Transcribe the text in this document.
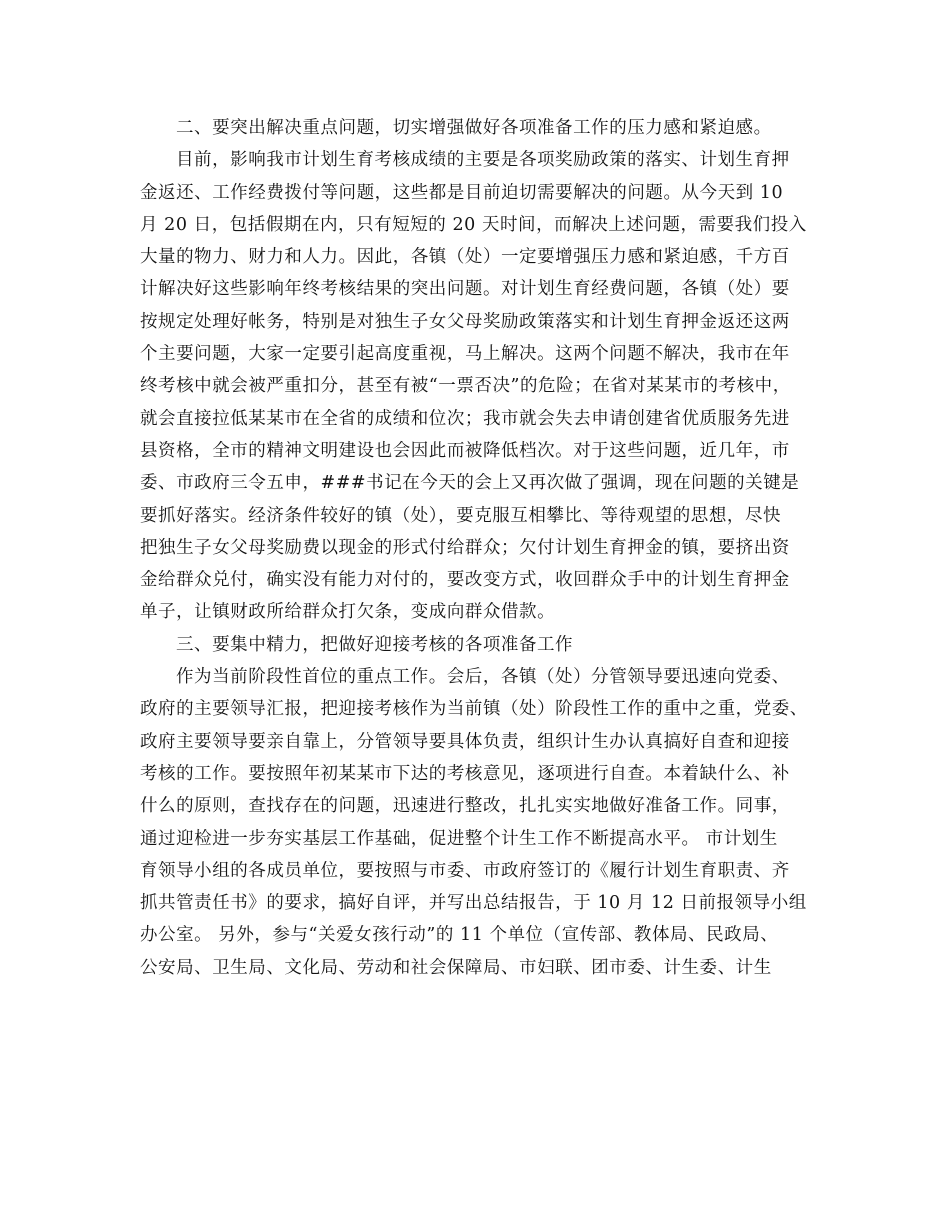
二、要突出解决重点问题，切实增强做好各项准备工作的压力感和紧迫感。
目前，影响我市计划生育考核成绩的主要是各项奖励政策的落实、计划生育押
金返还、工作经费拨付等问题，这些都是目前迫切需要解决的问题。从今天到 10
月 20 日，包括假期在内，只有短短的 20 天时间，而解决上述问题，需要我们投入
大量的物力、财力和人力。因此，各镇（处）一定要增强压力感和紧迫感，千方百
计解决好这些影响年终考核结果的突出问题。对计划生育经费问题，各镇（处）要
按规定处理好帐务，特别是对独生子女父母奖励政策落实和计划生育押金返还这两
个主要问题，大家一定要引起高度重视，马上解决。这两个问题不解决，我市在年
终考核中就会被严重扣分，甚至有被“一票否决”的危险；在省对某某市的考核中，
就会直接拉低某某市在全省的成绩和位次；我市就会失去申请创建省优质服务先进
县资格，全市的精神文明建设也会因此而被降低档次。对于这些问题，近几年，市
委、市政府三令五申，###书记在今天的会上又再次做了强调，现在问题的关键是
要抓好落实。经济条件较好的镇（处），要克服互相攀比、等待观望的思想，尽快
把独生子女父母奖励费以现金的形式付给群众；欠付计划生育押金的镇，要挤出资
金给群众兑付，确实没有能力对付的，要改变方式，收回群众手中的计划生育押金
单子，让镇财政所给群众打欠条，变成向群众借款。
三、要集中精力，把做好迎接考核的各项准备工作
作为当前阶段性首位的重点工作。会后，各镇（处）分管领导要迅速向党委、
政府的主要领导汇报，把迎接考核作为当前镇（处）阶段性工作的重中之重，党委、
政府主要领导要亲自靠上，分管领导要具体负责，组织计生办认真搞好自查和迎接
考核的工作。要按照年初某某市下达的考核意见，逐项进行自查。本着缺什么、补
什么的原则，查找存在的问题，迅速进行整改，扎扎实实地做好准备工作。同事，
通过迎检进一步夯实基层工作基础，促进整个计生工作不断提高水平。 市计划生
育领导小组的各成员单位，要按照与市委、市政府签订的《履行计划生育职责、齐
抓共管责任书》的要求，搞好自评，并写出总结报告，于 10 月 12 日前报领导小组
办公室。 另外，参与“关爱女孩行动”的 11 个单位（宣传部、教体局、民政局、
公安局、卫生局、文化局、劳动和社会保障局、市妇联、团市委、计生委、计生
